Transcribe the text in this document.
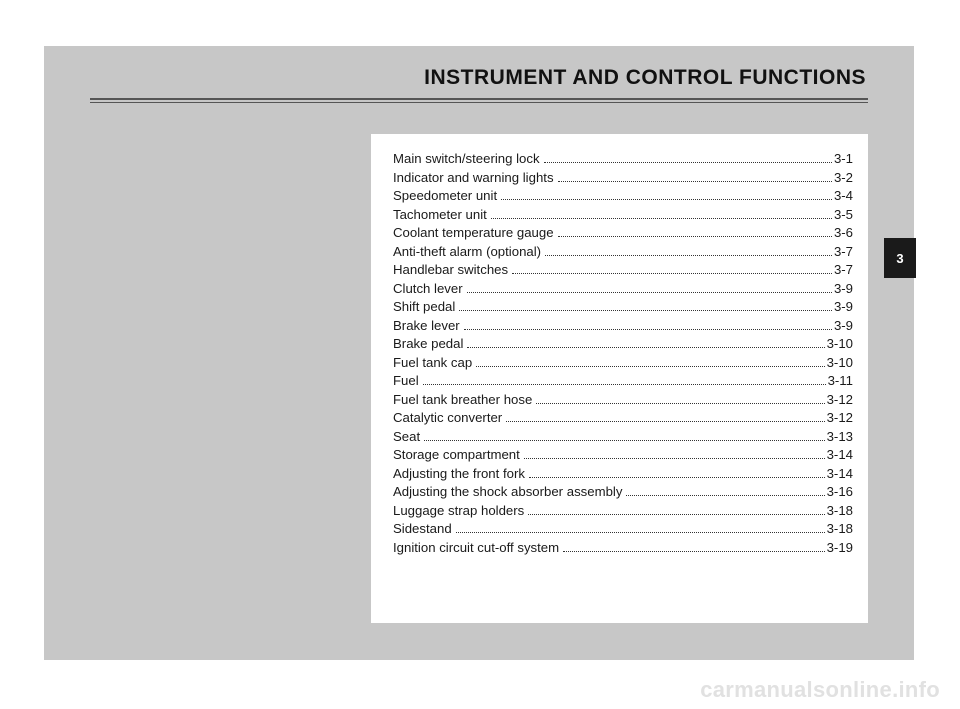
INSTRUMENT AND CONTROL FUNCTIONS
Main switch/steering lock	3-1
Indicator and warning lights	3-2
Speedometer unit	3-4
Tachometer unit	3-5
Coolant temperature gauge	3-6
Anti-theft alarm (optional)	3-7
Handlebar switches	3-7
Clutch lever	3-9
Shift pedal	3-9
Brake lever	3-9
Brake pedal	3-10
Fuel tank cap	3-10
Fuel	3-11
Fuel tank breather hose	3-12
Catalytic converter	3-12
Seat	3-13
Storage compartment	3-14
Adjusting the front fork	3-14
Adjusting the shock absorber assembly	3-16
Luggage strap holders	3-18
Sidestand	3-18
Ignition circuit cut-off system	3-19
3
carmanualsonline.info
